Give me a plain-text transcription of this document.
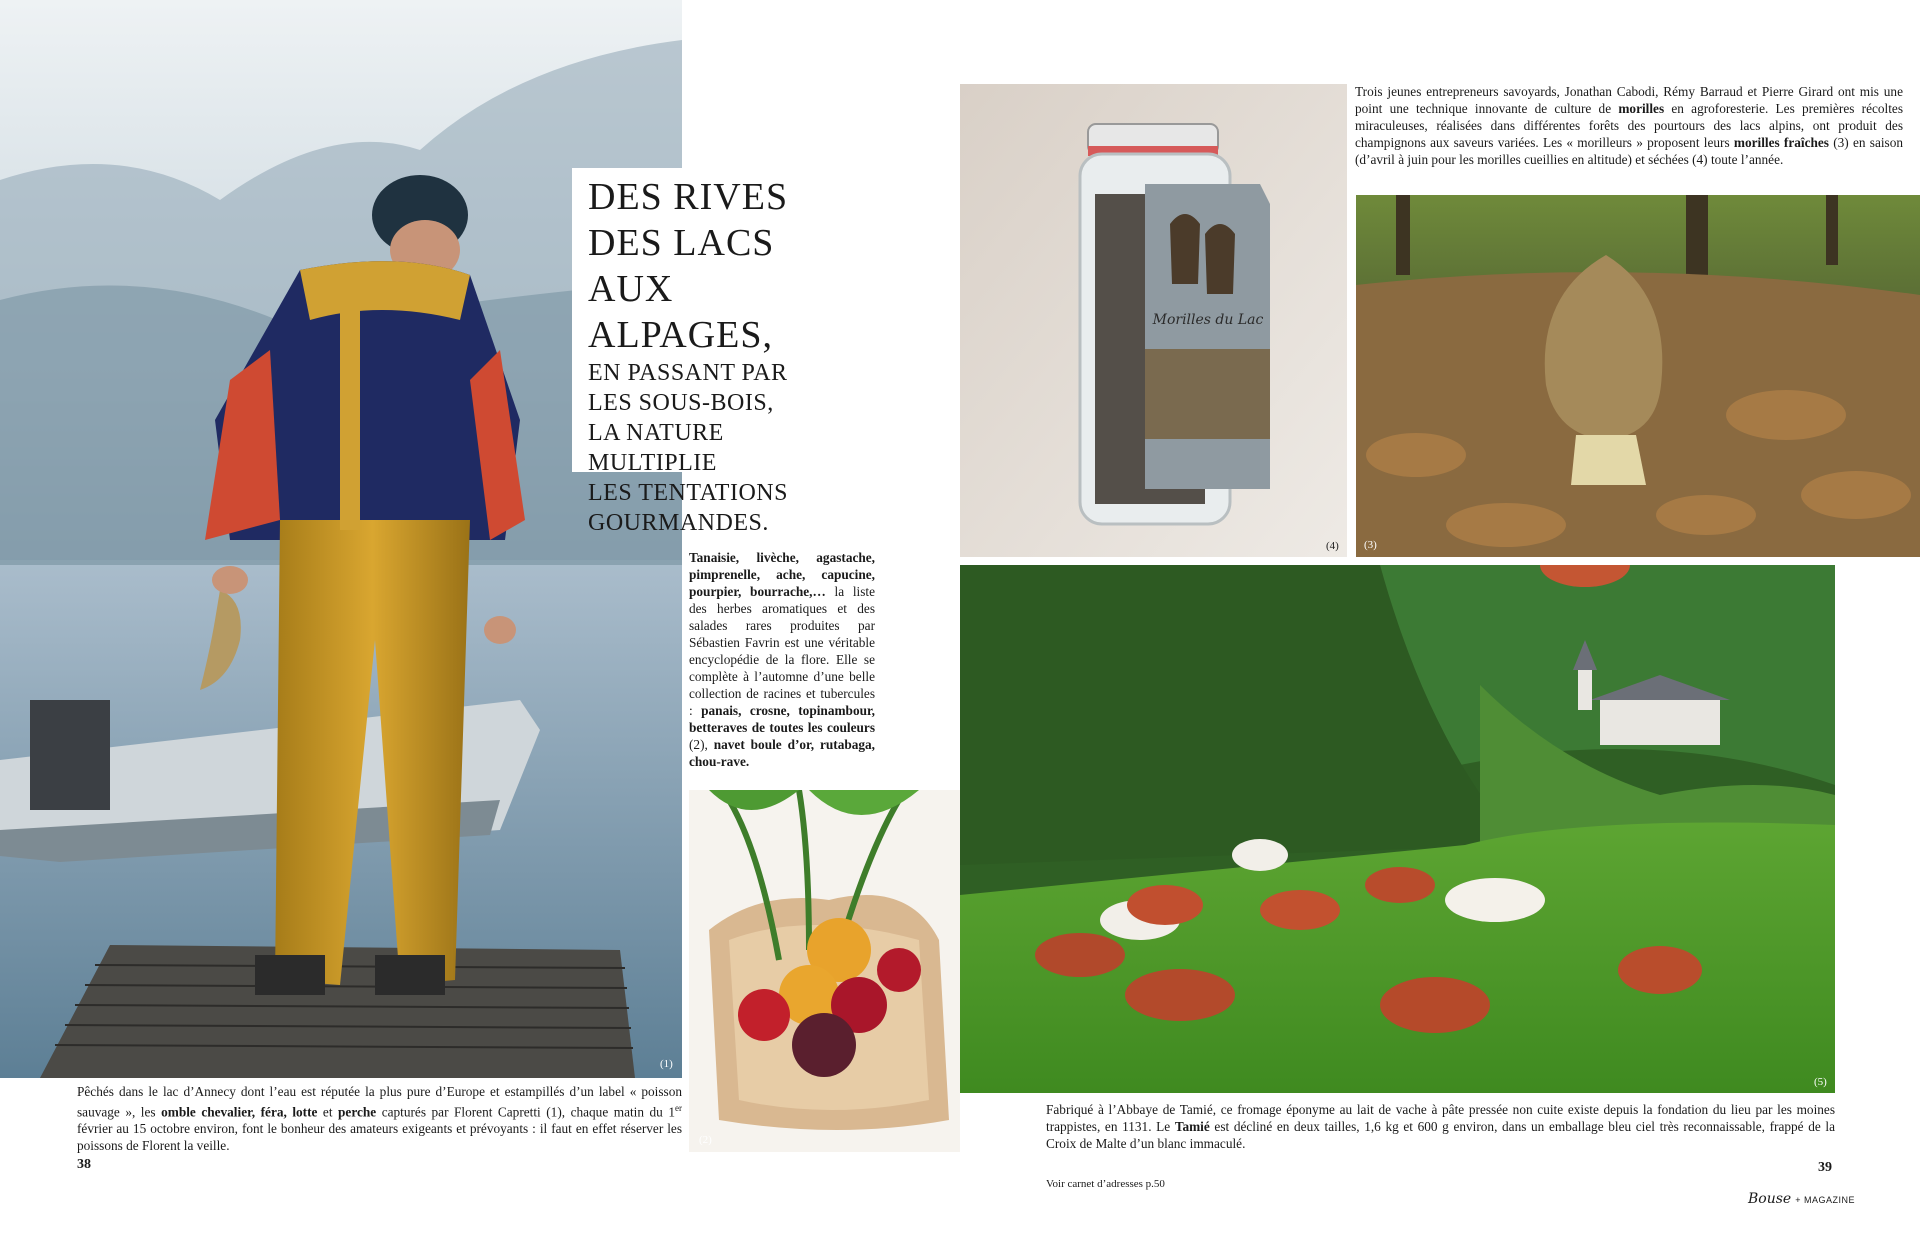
(1)

DES RIVES

DES LACS

AUX ALPAGES,

EN PASSANT PAR

LES SOUS-BOIS,

LA NATURE MULTIPLIE

LES TENTATIONS

GOURMANDES.

Tanaisie, livèche, agastache, pimprenelle, ache, capucine, pourpier, bourrache,… la liste des herbes aromatiques et des salades rares produites par Sébastien Favrin est une véritable encyclopédie de la flore. Elle se complète à l’automne d’une belle collection de racines et tubercules : panais, crosne, topinambour, betteraves de toutes les couleurs (2), navet boule d’or, rutabaga, chou-rave.
(2)
Pêchés dans le lac d’Annecy dont l’eau est réputée la plus pure d’Europe et estampillés d’un label « poisson sauvage », les omble chevalier, féra, lotte et perche capturés par Florent Capretti (1), chaque matin du 1er février au 15 octobre environ, font le bonheur des amateurs exigeants et prévoyants : il faut en effet réserver les poissons de Florent la veille.
38
Morilles du Lac
(4)
Trois jeunes entrepreneurs savoyards, Jonathan Cabodi, Rémy Barraud et Pierre Girard ont mis une point une technique innovante de culture de morilles en agroforesterie. Les premières récoltes miraculeuses, réalisées dans différentes forêts des pourtours des lacs alpins, ont produit des champignons aux saveurs variées. Les « morilleurs » proposent leurs morilles fraîches (3) en saison (d’avril à juin pour les morilles cueillies en altitude) et séchées (4) toute l’année.
(3)
(5)
Fabriqué à l’Abbaye de Tamié, ce fromage éponyme au lait de vache à pâte pressée non cuite existe depuis la fondation du lieu par les moines trappistes, en 1131. Le Tamié est décliné en deux tailles, 1,6 kg et 600 g environ, dans un emballage bleu ciel très reconnaissable, frappé de la Croix de Malte d’un blanc immaculé.
39
Voir carnet d’adresses p.50
Bouse + MAGAZINE
